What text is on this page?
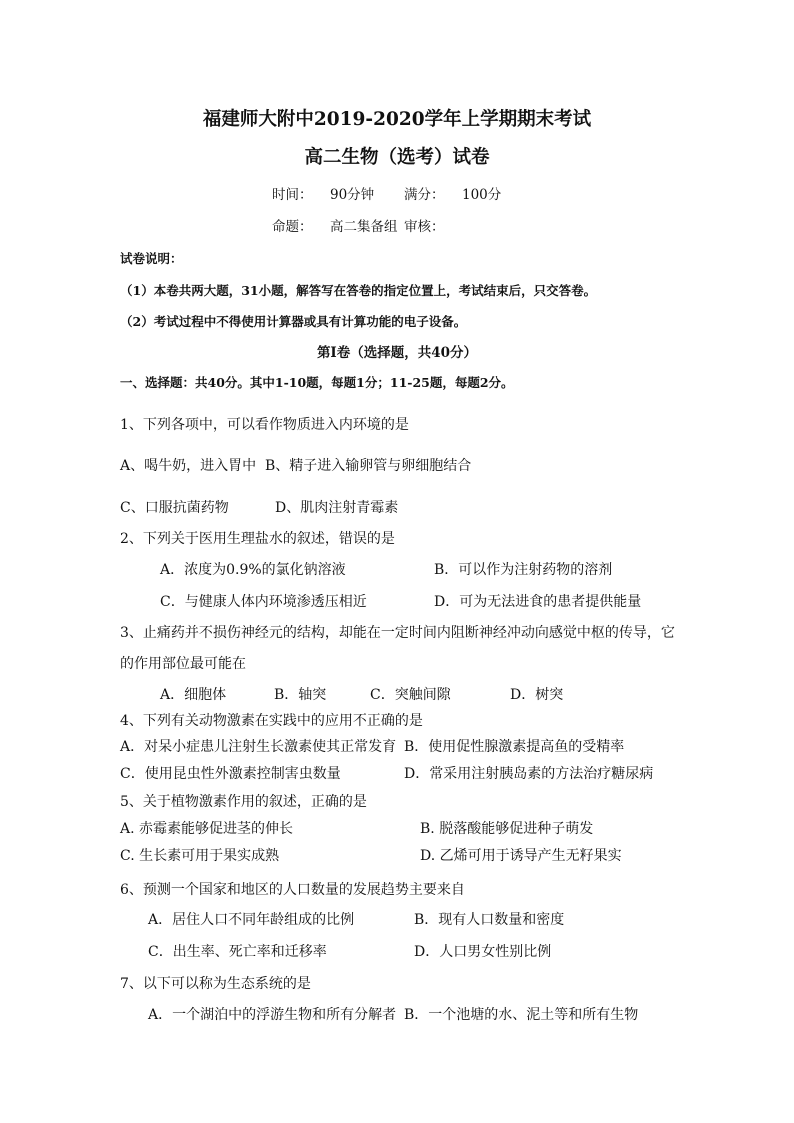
福建师大附中2019-2020学年上学期期末考试
高二生物（选考）试卷
时间： 90分钟 满分： 100分
命题： 高二集备组 审核：
试卷说明：
（1）本卷共两大题，31小题，解答写在答卷的指定位置上，考试结束后，只交答卷。
（2）考试过程中不得使用计算器或具有计算功能的电子设备。
第Ⅰ卷（选择题，共40分）
一、选择题：共40分。其中1-10题，每题1分；11-25题，每题2分。
1、下列各项中，可以看作物质进入内环境的是
A、喝牛奶，进入胃中 B、精子进入输卵管与卵细胞结合
C、口服抗菌药物	D、肌肉注射青霉素
2、下列关于医用生理盐水的叙述，错误的是
A．浓度为0.9%的氯化钠溶液	B．可以作为注射药物的溶剂
C．与健康人体内环境渗透压相近	D．可为无法进食的患者提供能量
3、止痛药并不损伤神经元的结构，却能在一定时间内阻断神经冲动向感觉中枢的传导，它
的作用部位最可能在
A．细胞体	B．轴突	C．突触间隙	D．树突
4、下列有关动物激素在实践中的应用不正确的是
A．对呆小症患儿注射生长激素使其正常发育 B．使用促性腺激素提高鱼的受精率
C．使用昆虫性外激素控制害虫数量	D．常采用注射胰岛素的方法治疗糖尿病
5、关于植物激素作用的叙述，正确的是
A. 赤霉素能够促进茎的伸长	B. 脱落酸能够促进种子萌发
C. 生长素可用于果实成熟	D. 乙烯可用于诱导产生无籽果实
6、预测一个国家和地区的人口数量的发展趋势主要来自
A．居住人口不同年龄组成的比例	B．现有人口数量和密度
C．出生率、死亡率和迁移率	D．人口男女性别比例
7、以下可以称为生态系统的是
A．一个湖泊中的浮游生物和所有分解者 B．一个池塘的水、泥土等和所有生物
